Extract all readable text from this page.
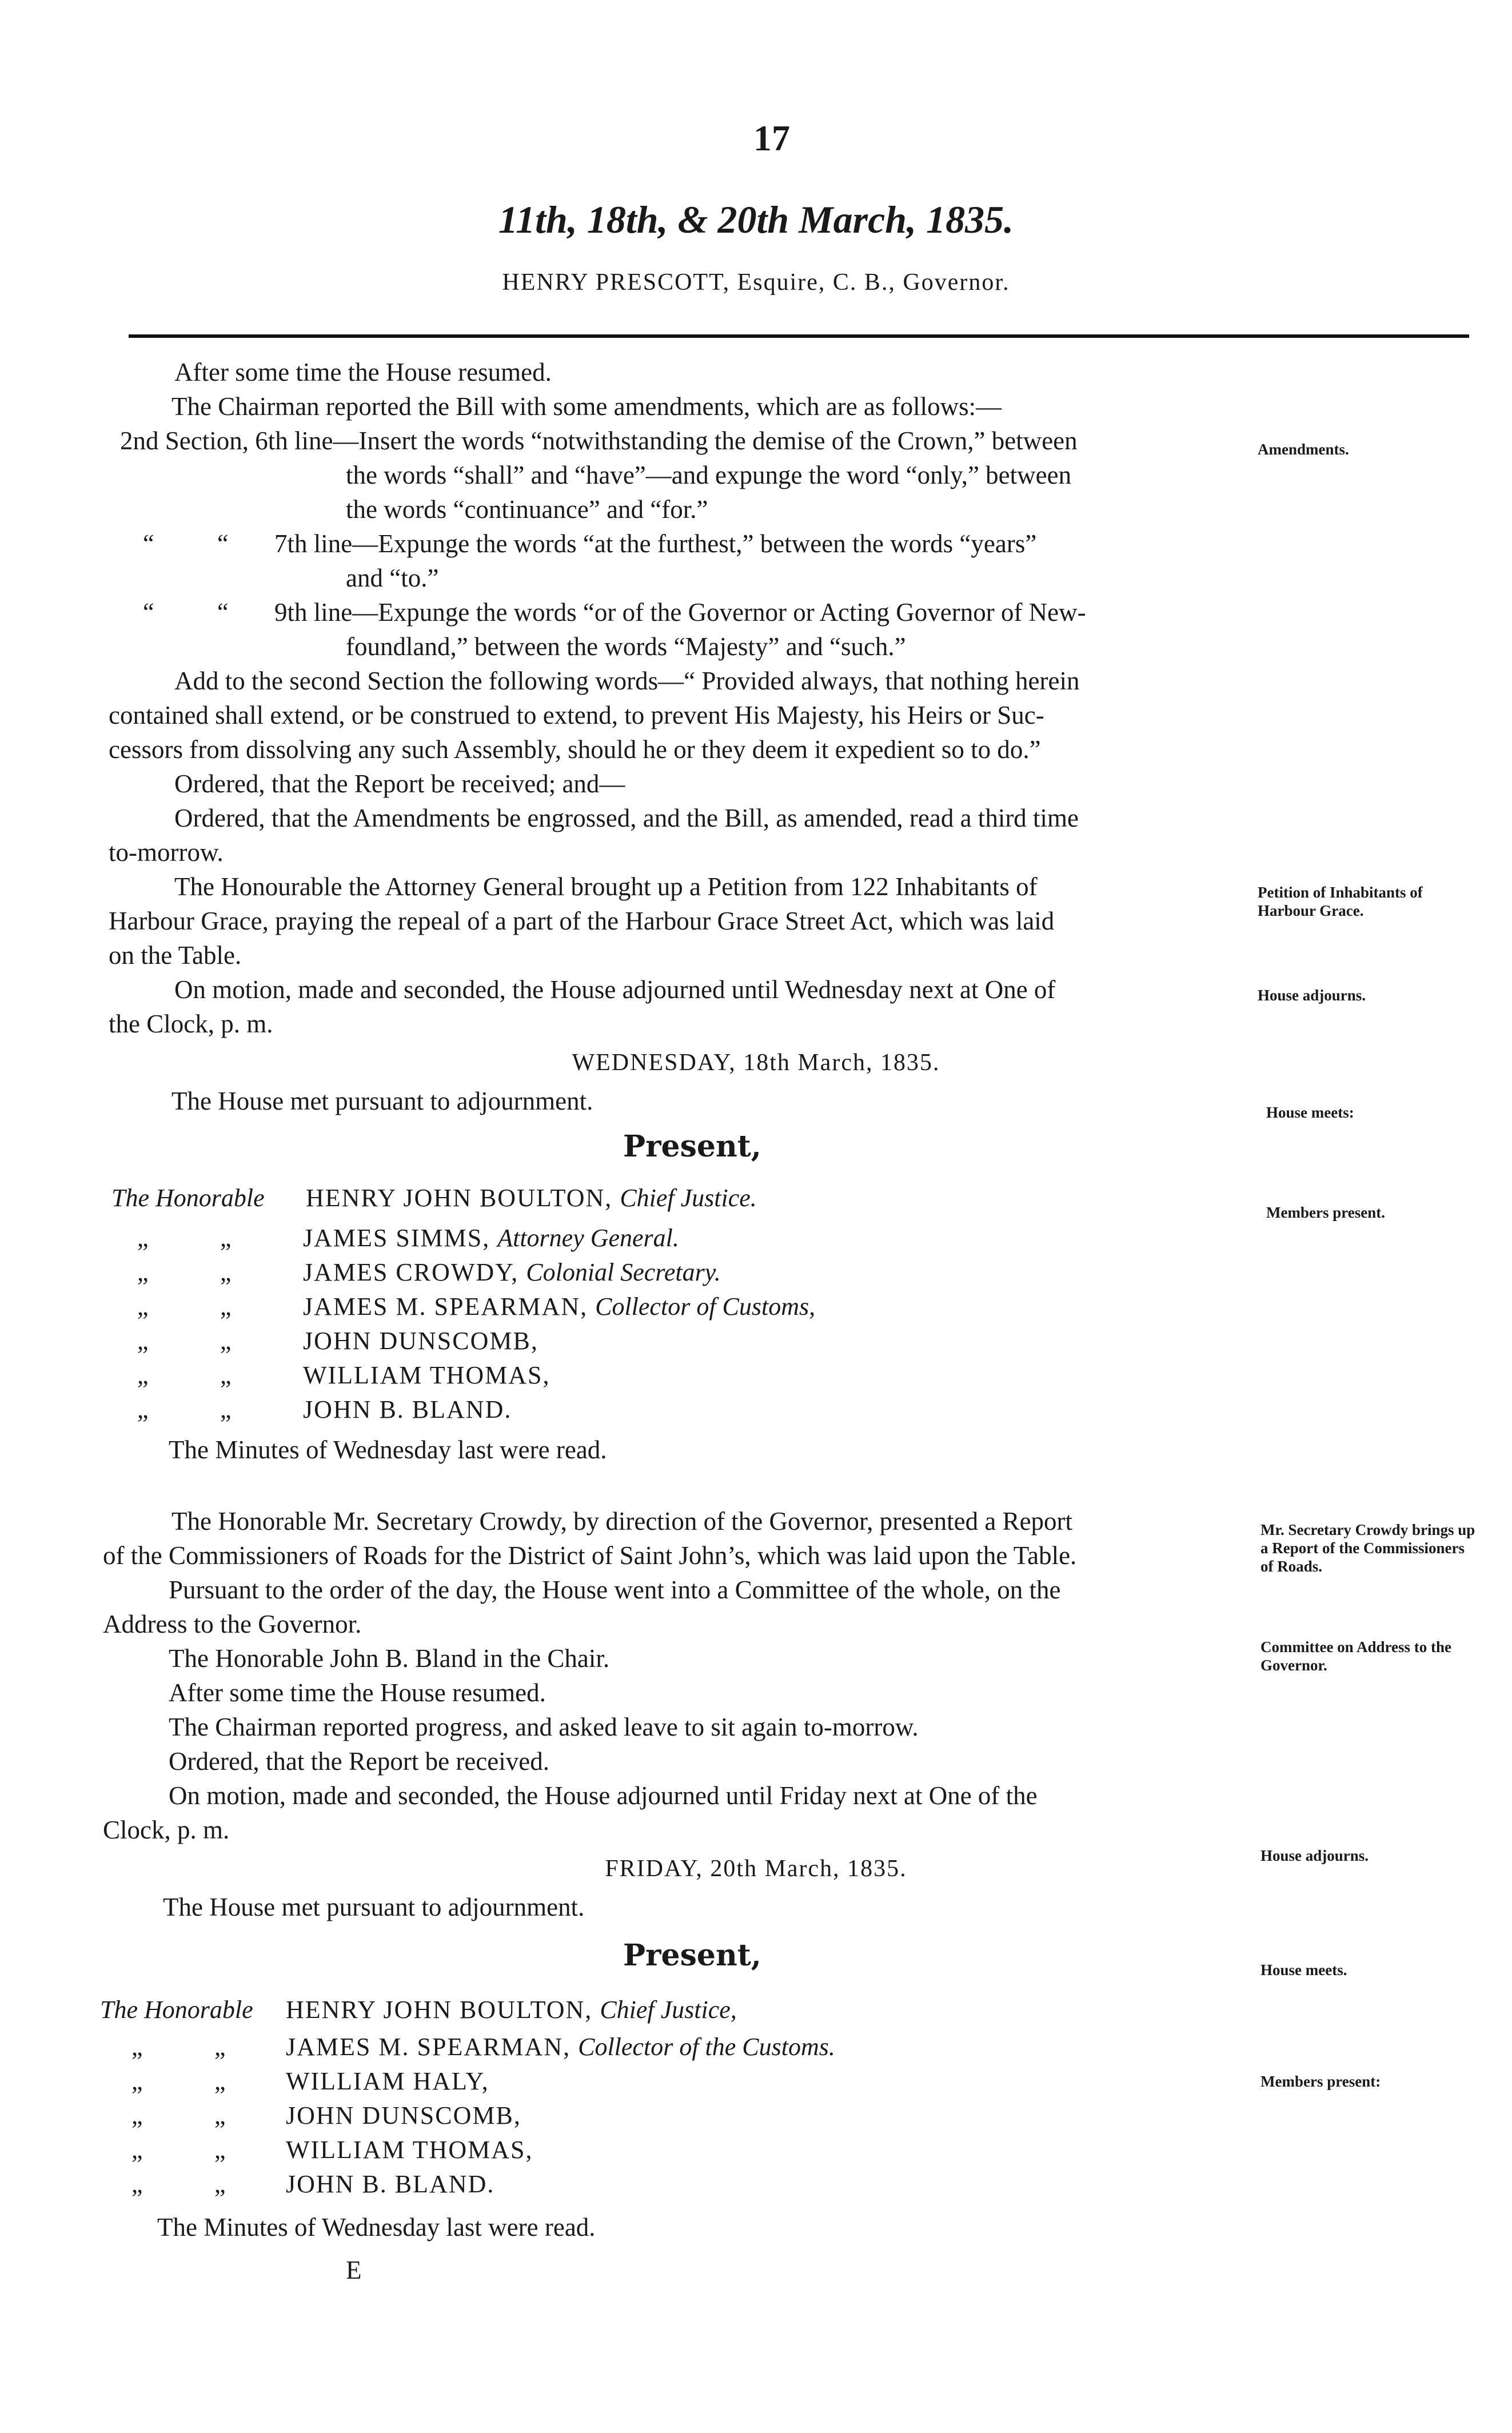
17
11th, 18th, & 20th March, 1835.
HENRY PRESCOTT, Esquire, C. B., Governor.
After some time the House resumed.
The Chairman reported the Bill with some amendments, which are as follows:—
2nd Section, 6th line—Insert the words “notwithstanding the demise of the Crown,” between
the words “shall” and “have”—and expunge the word “only,” between
the words “continuance” and “for.”
“	“ 7th line—Expunge the words “at the furthest,” between the words “years”
and “to.”
“	“ 9th line—Expunge the words “or of the Governor or Acting Governor of New-
foundland,” between the words “Majesty” and “such.”
Add to the second Section the following words—“ Provided always, that nothing herein
contained shall extend, or be construed to extend, to prevent His Majesty, his Heirs or Suc-
cessors from dissolving any such Assembly, should he or they deem it expedient so to do.”
Ordered, that the Report be received; and—
Ordered, that the Amendments be engrossed, and the Bill, as amended, read a third time
to-morrow.
The Honourable the Attorney General brought up a Petition from 122 Inhabitants of
Harbour Grace, praying the repeal of a part of the Harbour Grace Street Act, which was laid
on the Table.
On motion, made and seconded, the House adjourned until Wednesday next at One of
the Clock, p. m.
Amendments.
Petition of Inhabitants of Harbour Grace.
House adjourns.
House meets:
Members present.
Mr. Secretary Crowdy brings up a Report of the Commissioners of Roads.
Committee on Address to the Governor.
House adjourns.
House meets.
Members present:
WEDNESDAY, 18th March, 1835.
The House met pursuant to adjournment.
Present,
The Honorable HENRY JOHN BOULTON, Chief Justice.
„	„	JAMES SIMMS, Attorney General.
„	„	JAMES CROWDY, Colonial Secretary.
„	„	JAMES M. SPEARMAN, Collector of Customs,
„	„	JOHN DUNSCOMB,
„	„	WILLIAM THOMAS,
„	„	JOHN B. BLAND.
The Minutes of Wednesday last were read.
The Honorable Mr. Secretary Crowdy, by direction of the Governor, presented a Report
of the Commissioners of Roads for the District of Saint John’s, which was laid upon the Table.
Pursuant to the order of the day, the House went into a Committee of the whole, on the
Address to the Governor.
The Honorable John B. Bland in the Chair.
After some time the House resumed.
The Chairman reported progress, and asked leave to sit again to-morrow.
Ordered, that the Report be received.
On motion, made and seconded, the House adjourned until Friday next at One of the
Clock, p. m.
FRIDAY, 20th March, 1835.
The House met pursuant to adjournment.
Present,
The Honorable HENRY JOHN BOULTON, Chief Justice,
„	„ JAMES M. SPEARMAN, Collector of the Customs.
„	„ WILLIAM HALY,
„	„ JOHN DUNSCOMB,
„	„ WILLIAM THOMAS,
„	„ JOHN B. BLAND.
The Minutes of Wednesday last were read.
E
